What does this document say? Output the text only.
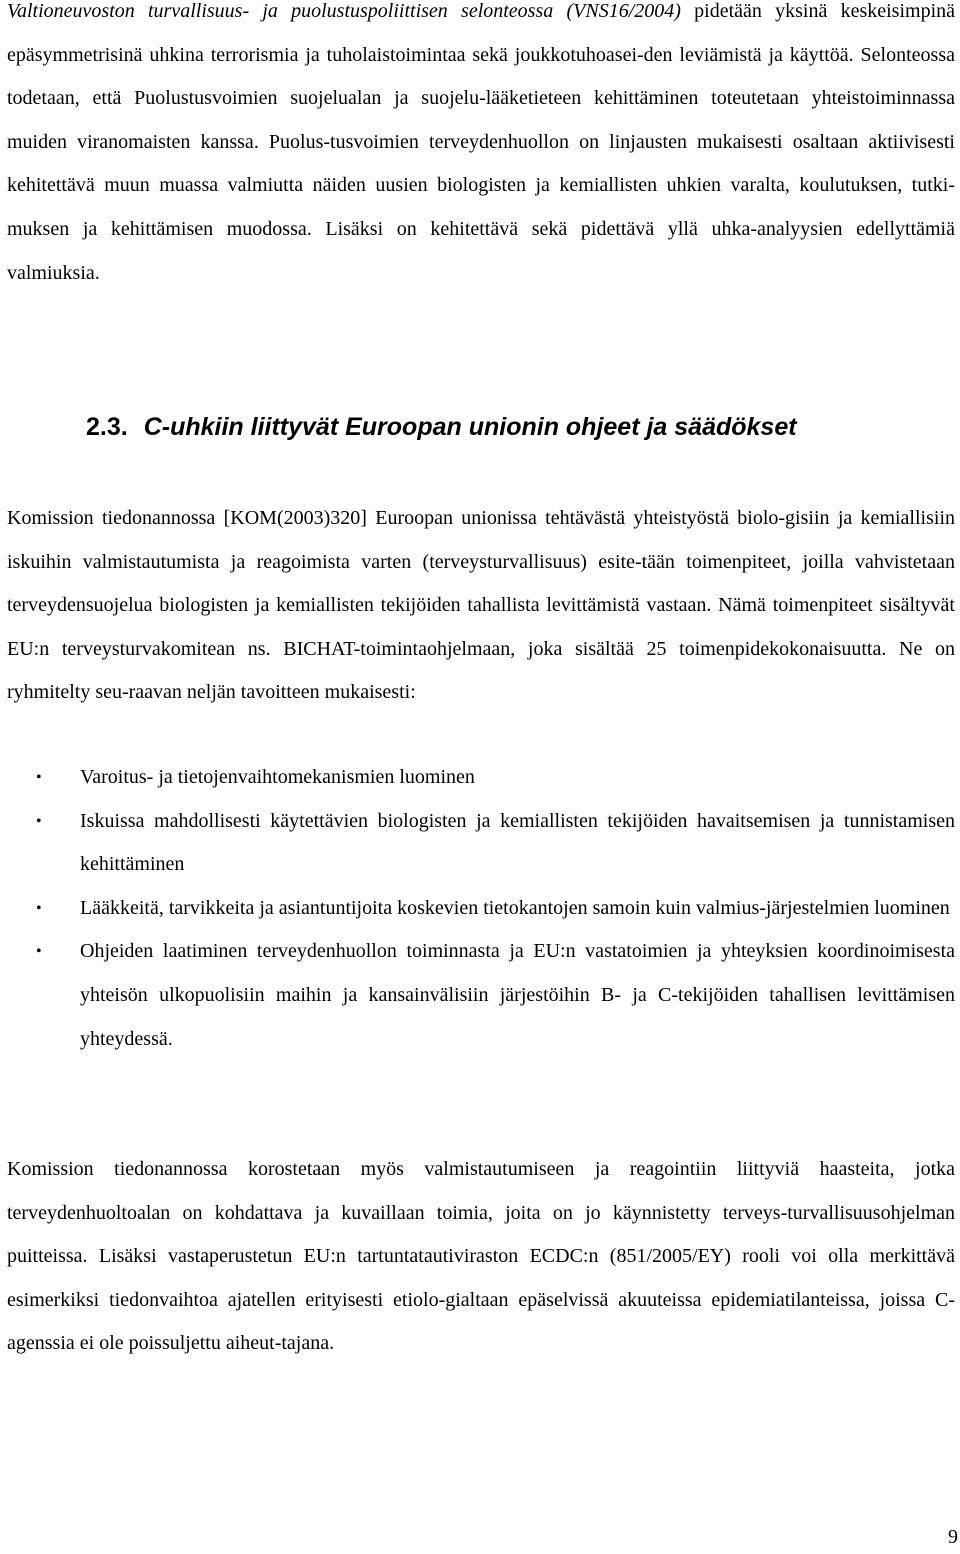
Valtioneuvoston turvallisuus- ja puolustuspoliittisen selonteossa (VNS16/2004) pidetään yksinä keskeisimpinä epäsymmetrisinä uhkina terrorismia ja tuholaistoimintaa sekä joukkotuhoasei-den leviämistä ja käyttöä. Selonteossa todetaan, että Puolustusvoimien suojelualan ja suojelu-lääketieteen kehittäminen toteutetaan yhteistoiminnassa muiden viranomaisten kanssa. Puolus-tusvoimien terveydenhuollon on linjausten mukaisesti osaltaan aktiivisesti kehitettävä muun muassa valmiutta näiden uusien biologisten ja kemiallisten uhkien varalta, koulutuksen, tutki-muksen ja kehittämisen muodossa. Lisäksi on kehitettävä sekä pidettävä yllä uhka-analyysien edellyttämiä valmiuksia.

2.3. C-uhkiin liittyvät Euroopan unionin ohjeet ja säädökset

Komission tiedonannossa [KOM(2003)320] Euroopan unionissa tehtävästä yhteistyöstä biolo-gisiin ja kemiallisiin iskuihin valmistautumista ja reagoimista varten (terveysturvallisuus) esite-tään toimenpiteet, joilla vahvistetaan terveydensuojelua biologisten ja kemiallisten tekijöiden tahallista levittämistä vastaan. Nämä toimenpiteet sisältyvät EU:n terveysturvakomitean ns. BICHAT-toimintaohjelmaan, joka sisältää 25 toimenpidekokonaisuutta. Ne on ryhmitelty seu-raavan neljän tavoitteen mukaisesti:

• Varoitus- ja tietojenvaihtomekanismien luominen
• Iskuissa mahdollisesti käytettävien biologisten ja kemiallisten tekijöiden havaitsemisen ja tunnistamisen kehittäminen
• Lääkkeitä, tarvikkeita ja asiantuntijoita koskevien tietokantojen samoin kuin valmius-järjestelmien luominen
• Ohjeiden laatiminen terveydenhuollon toiminnasta ja EU:n vastatoimien ja yhteyksien koordinoimisesta yhteisön ulkopuolisiin maihin ja kansainvälisiin järjestöihin B- ja C-tekijöiden tahallisen levittämisen yhteydessä.

Komission tiedonannossa korostetaan myös valmistautumiseen ja reagointiin liittyviä haasteita, jotka terveydenhuoltoalan on kohdattava ja kuvaillaan toimia, joita on jo käynnistetty terveys-turvallisuusohjelman puitteissa. Lisäksi vastaperustetun EU:n tartuntatautiviraston ECDC:n (851/2005/EY) rooli voi olla merkittävä esimerkiksi tiedonvaihtoa ajatellen erityisesti etiolo-gialtaan epäselvissä akuuteissa epidemiatilanteissa, joissa C-agenssia ei ole poissuljettu aiheut-tajana.

9
